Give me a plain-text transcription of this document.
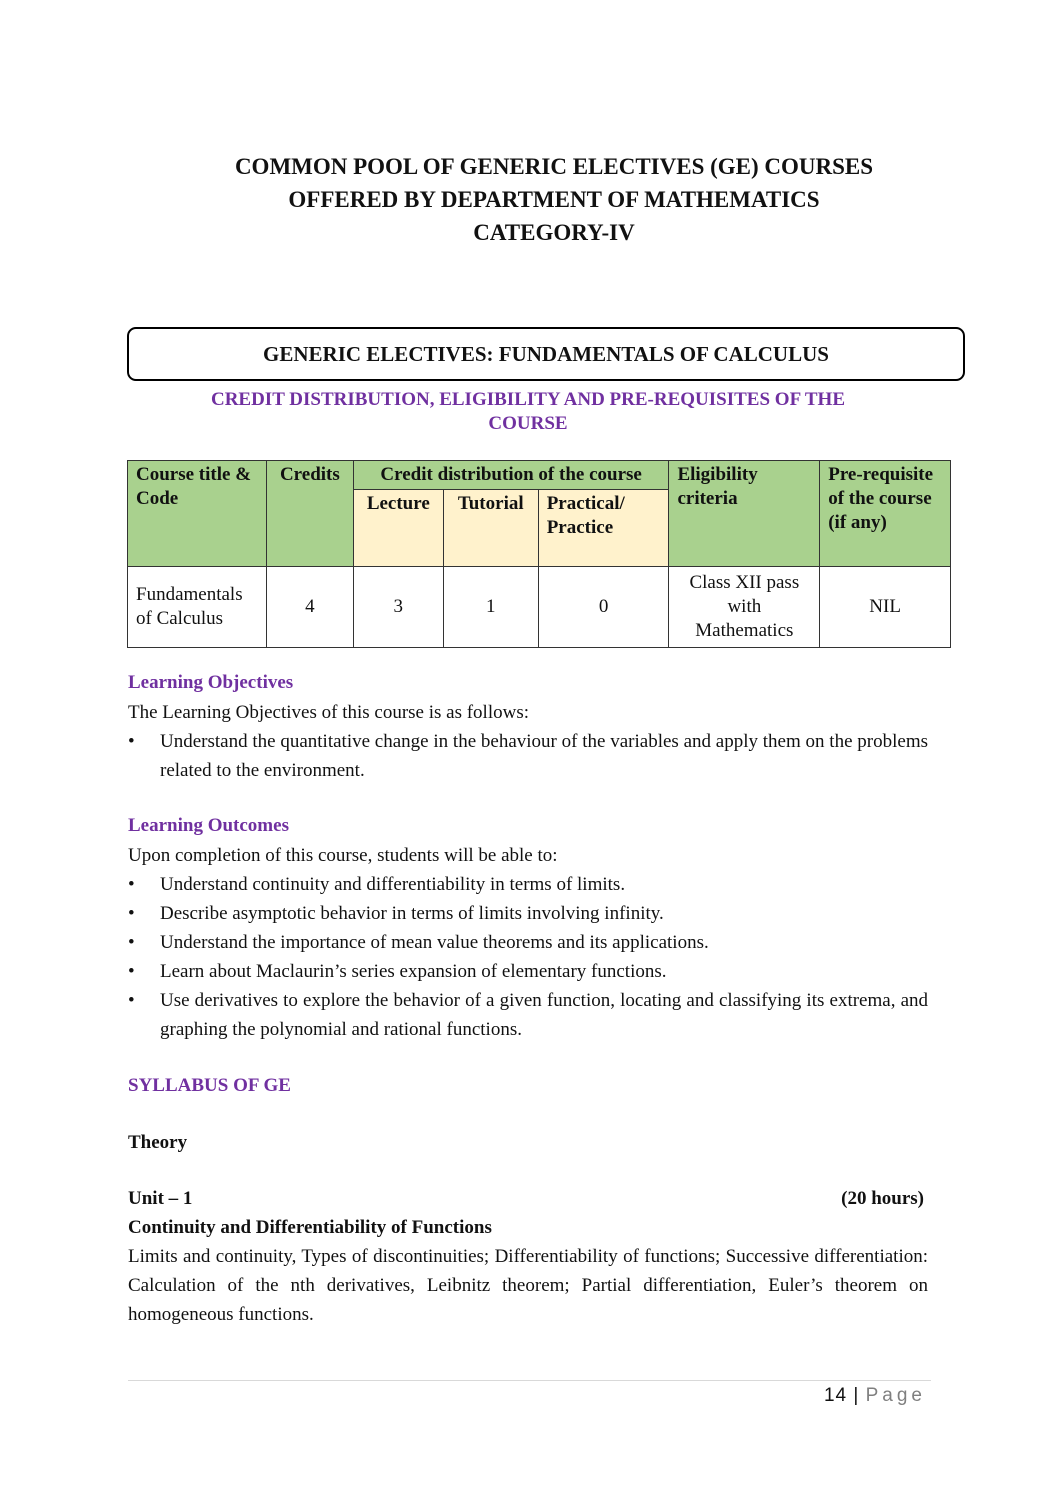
COMMON POOL OF GENERIC ELECTIVES (GE) COURSES
OFFERED BY DEPARTMENT OF MATHEMATICS
CATEGORY-IV
GENERIC ELECTIVES: FUNDAMENTALS OF CALCULUS
CREDIT DISTRIBUTION, ELIGIBILITY AND PRE-REQUISITES OF THE
COURSE
Course title & Code	Credits	Credit distribution of the course			Eligibility criteria	Pre-requisite of the course (if any)
		Lecture	Tutorial	Practical/ Practice		
Fundamentals of Calculus	4	3	1	0	Class XII pass with Mathematics	NIL
Learning Objectives
The Learning Objectives of this course is as follows:
• Understand the quantitative change in the behaviour of the variables and apply them on the problems related to the environment.
Learning Outcomes
Upon completion of this course, students will be able to:
• Understand continuity and differentiability in terms of limits.
• Describe asymptotic behavior in terms of limits involving infinity.
• Understand the importance of mean value theorems and its applications.
• Learn about Maclaurin’s series expansion of elementary functions.
• Use derivatives to explore the behavior of a given function, locating and classifying its extrema, and graphing the polynomial and rational functions.
SYLLABUS OF GE
Theory
Unit – 1	(20 hours)
Continuity and Differentiability of Functions
Limits and continuity, Types of discontinuities; Differentiability of functions; Successive differentiation: Calculation of the nth derivatives, Leibnitz theorem; Partial differentiation, Euler’s theorem on homogeneous functions.
14 | Page
